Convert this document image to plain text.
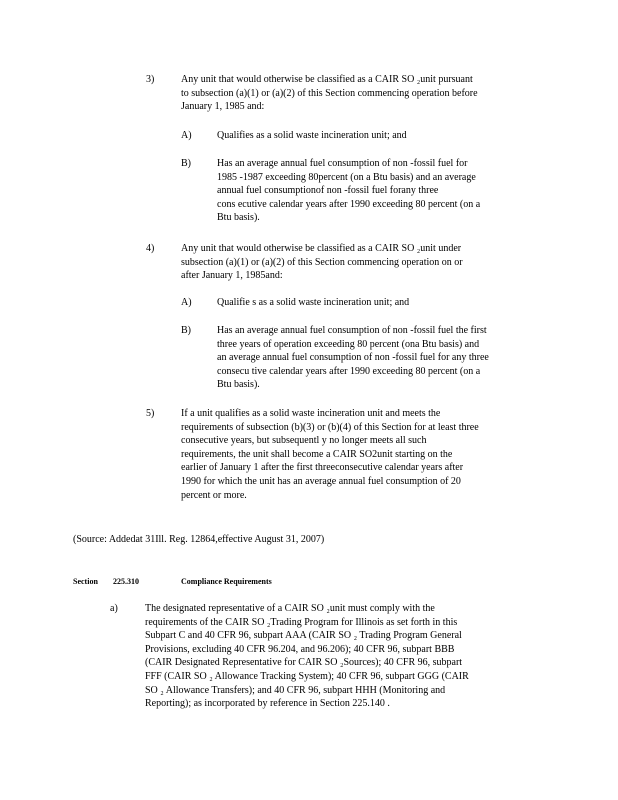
3)	Any unit that would otherwise be classified as a CAIR SO ₂unit pursuant
to subsection (a)(1) or (a)(2) of this Section commencing operation before
January 1, 1985 and:
A)	Qualifies as a solid waste incineration unit; and
B)	Has an average annual fuel consumption of non -fossil fuel for
1985 -1987 exceeding 80percent (on a Btu basis) and an average
annual fuel consumptionof non -fossil fuel forany three
cons ecutive calendar years after 1990 exceeding 80 percent (on a
Btu basis).
4)	Any unit that would otherwise be classified as a CAIR SO ₂unit under
subsection (a)(1) or (a)(2) of this Section commencing operation on or
after January 1, 1985and:
A)	Qualifie s as a solid waste incineration unit; and
B)	Has an average annual fuel consumption of non -fossil fuel the first
three years of operation exceeding 80 percent (ona Btu basis) and
an average annual fuel consumption of non -fossil fuel for any three
consecu tive calendar years after 1990 exceeding 80 percent (on a
Btu basis).
5)	If a unit qualifies as a solid waste incineration unit and meets the
requirements of subsection (b)(3) or (b)(4) of this Section for at least three
consecutive years, but subsequentl y no longer meets all such
requirements, the unit shall become a CAIR SO2unit starting on the
earlier of January 1 after the first threeconsecutive calendar years after
1990 for which the unit has an average annual fuel consumption of 20
percent or more.
(Source: Addedat 31Ill. Reg. 12864,effective August 31, 2007)
Section 225.310	Compliance Requirements
a)	The designated representative of a CAIR SO ₂unit must comply with the
requirements of the CAIR SO ₂Trading Program for Illinois as set forth in this
Subpart C and 40 CFR 96, subpart AAA (CAIR SO ₂ Trading Program General
Provisions, excluding 40 CFR 96.204, and 96.206); 40 CFR 96, subpart BBB
(CAIR Designated Representative for CAIR SO ₂Sources); 40 CFR 96, subpart
FFF (CAIR SO ₂ Allowance Tracking System); 40 CFR 96, subpart GGG (CAIR
SO ₂ Allowance Transfers); and 40 CFR 96, subpart HHH (Monitoring and
Reporting); as incorporated by reference in Section 225.140 .
